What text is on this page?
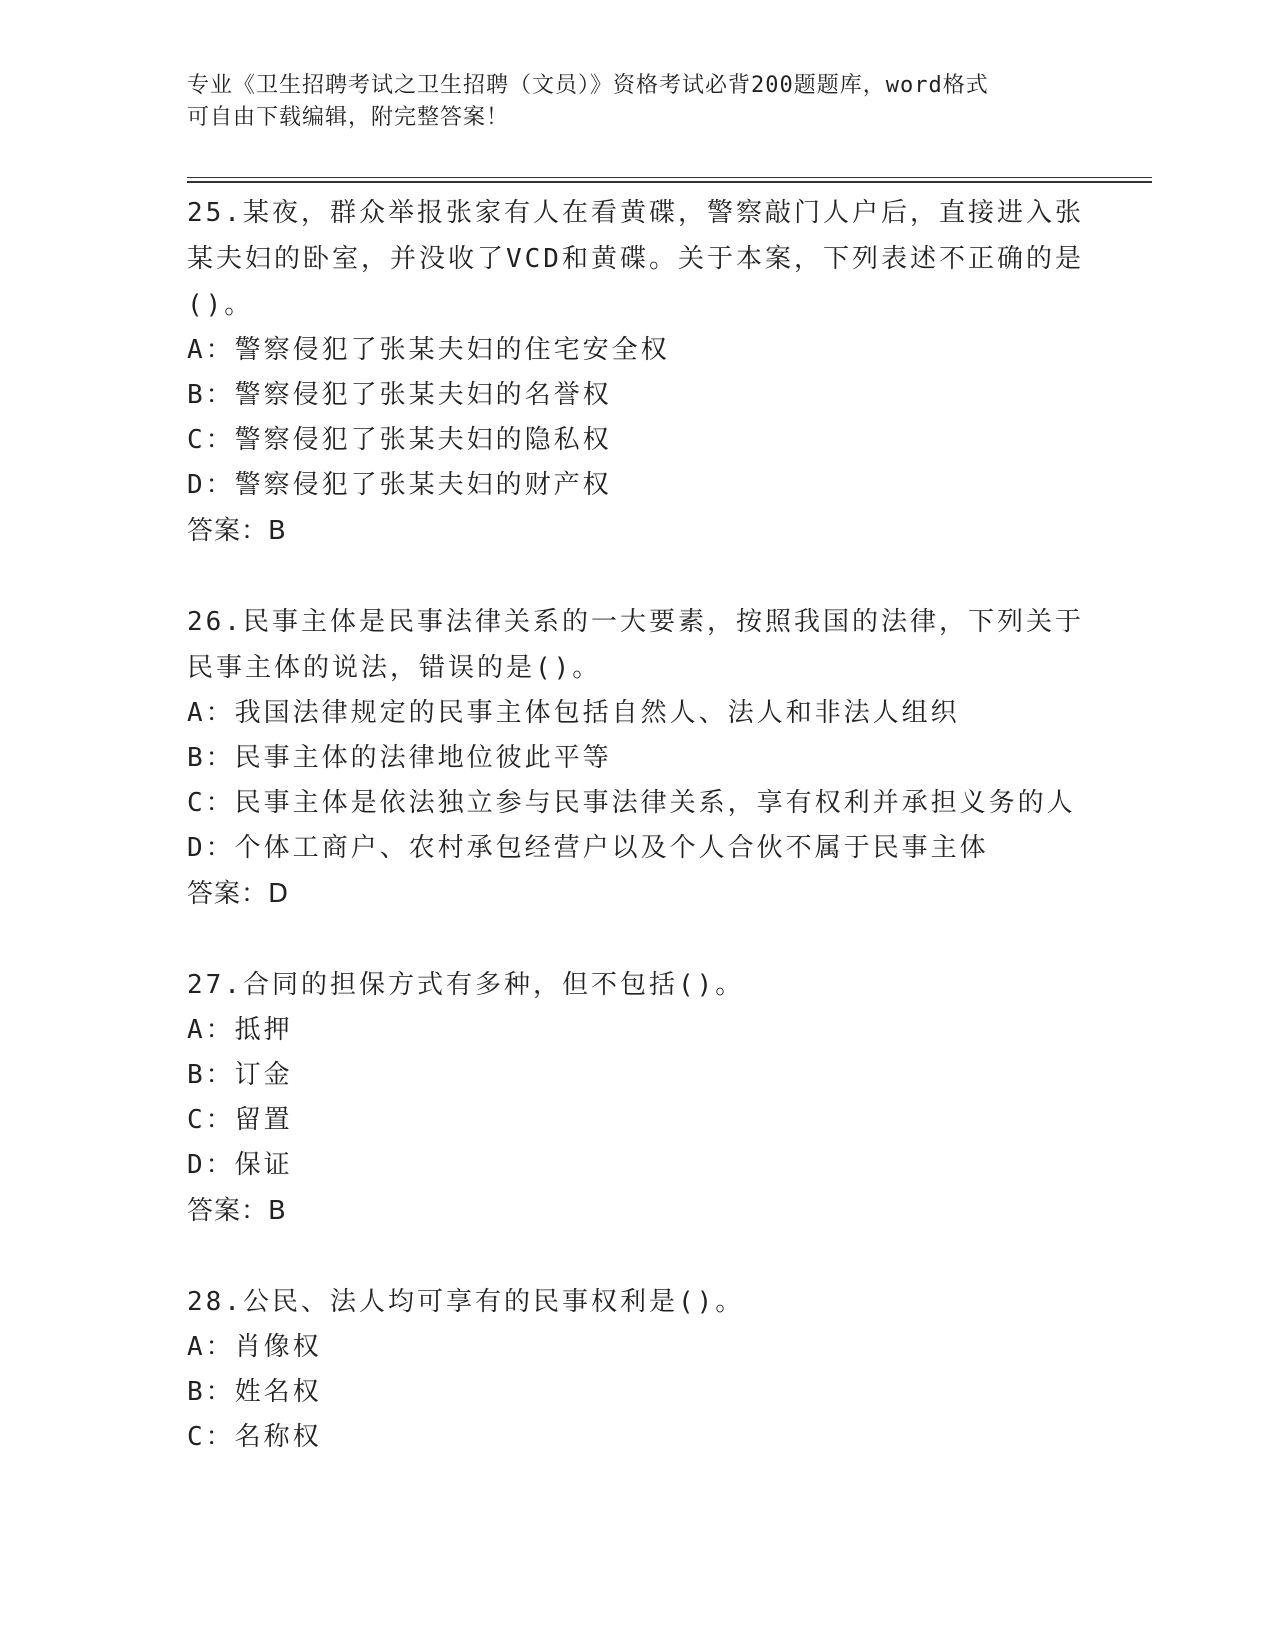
专业《卫生招聘考试之卫生招聘（文员）》资格考试必背200题题库，word格式
可自由下载编辑，附完整答案！

25.某夜，群众举报张家有人在看黄碟，警察敲门人户后，直接进入张某夫妇的卧室，并没收了VCD和黄碟。关于本案，下列表述不正确的是()。

A：警察侵犯了张某夫妇的住宅安全权

B：警察侵犯了张某夫妇的名誉权

C：警察侵犯了张某夫妇的隐私权

D：警察侵犯了张某夫妇的财产权

答案：B

26.民事主体是民事法律关系的一大要素，按照我国的法律，下列关于民事主体的说法，错误的是()。

A：我国法律规定的民事主体包括自然人、法人和非法人组织

B：民事主体的法律地位彼此平等

C：民事主体是依法独立参与民事法律关系，享有权利并承担义务的人

D：个体工商户、农村承包经营户以及个人合伙不属于民事主体

答案：D

27.合同的担保方式有多种，但不包括()。

A：抵押

B：订金

C：留置

D：保证

答案：B

28.公民、法人均可享有的民事权利是()。

A：肖像权

B：姓名权

C：名称权
